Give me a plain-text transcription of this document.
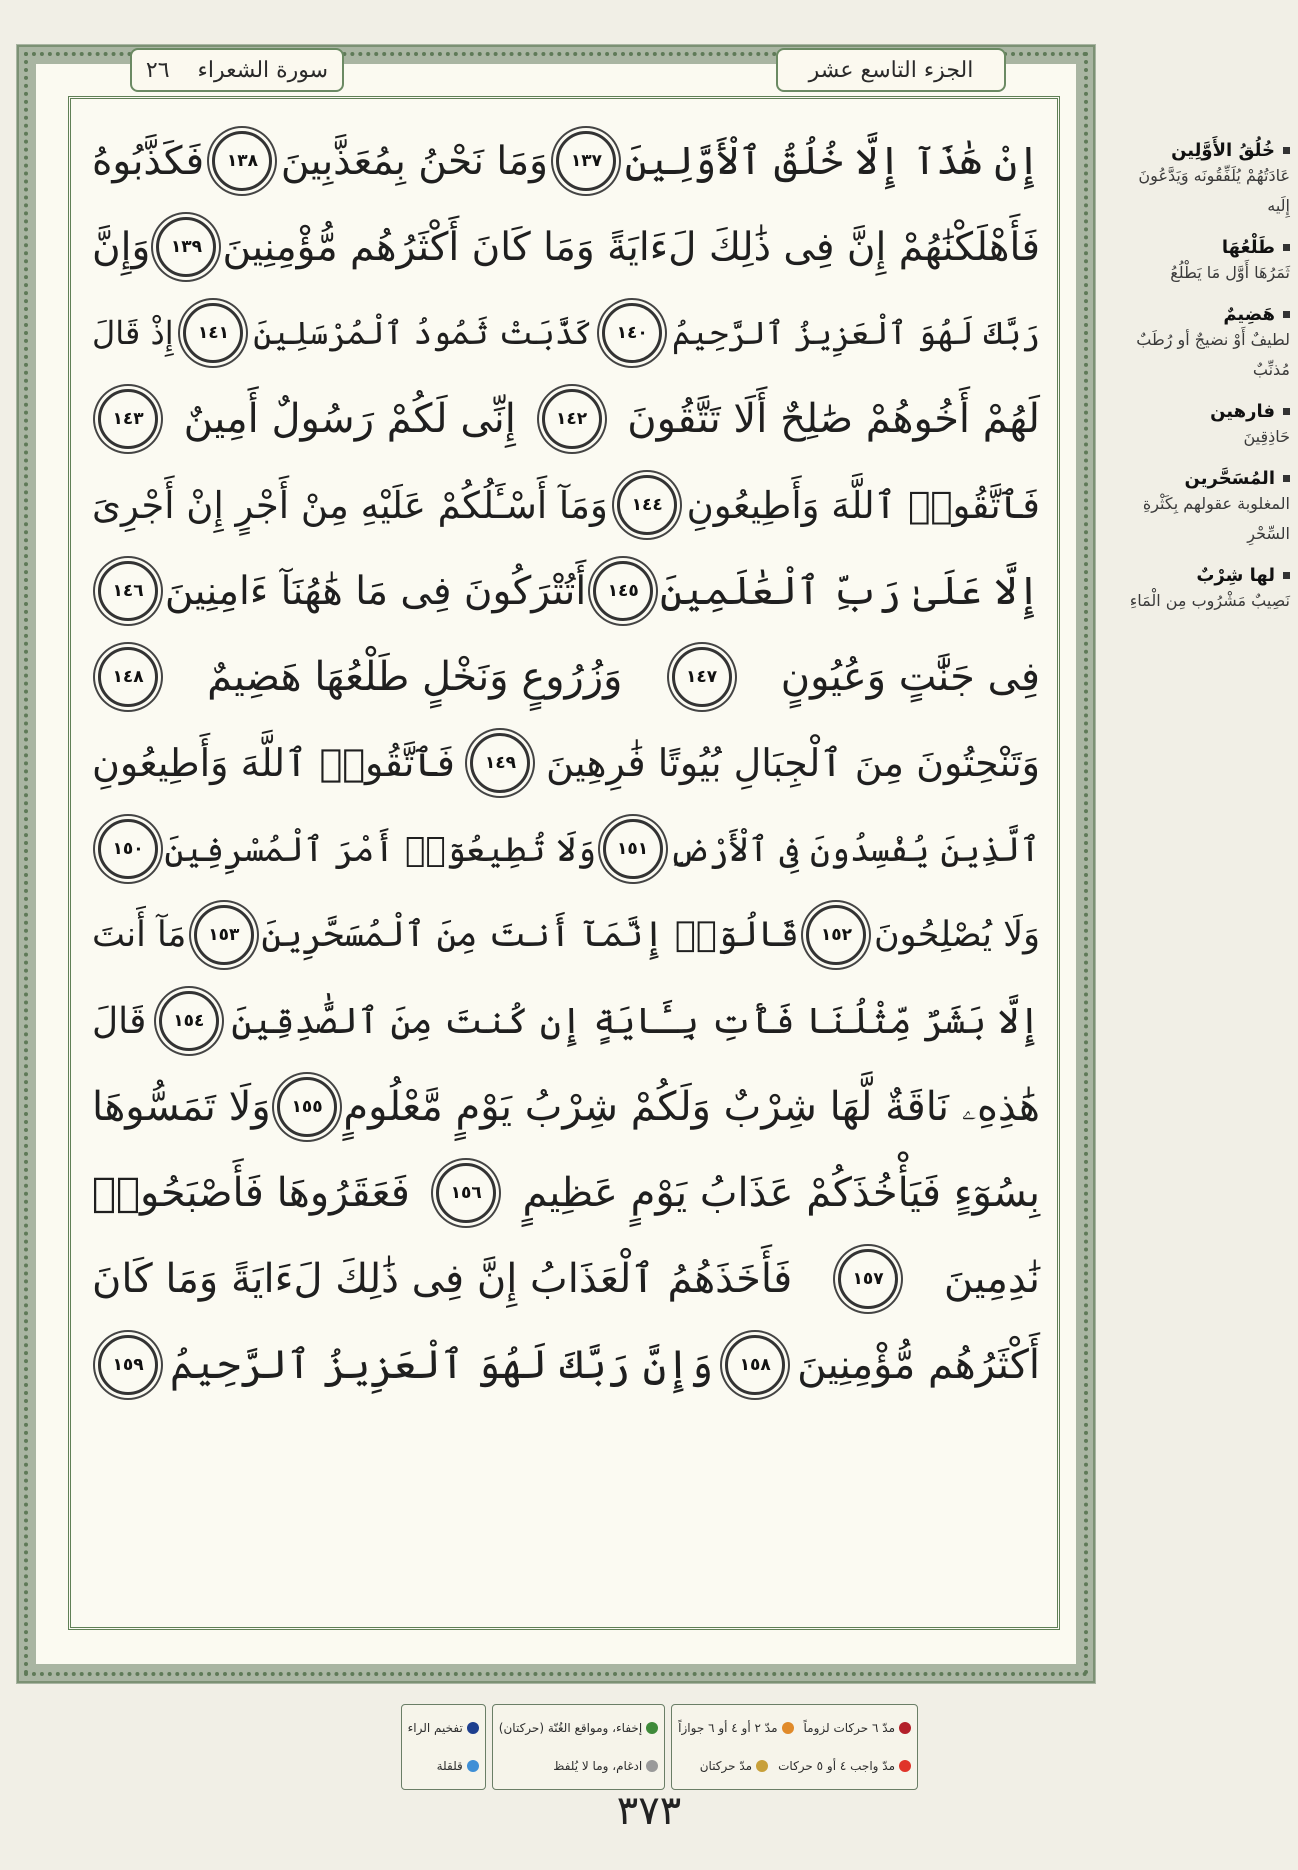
٢٦ سورة الشعراء	الجزء التاسع عشر
إِنْ هَٰذَآ إِلَّا خُلُقُ ٱلْأَوَّلِينَ
١٣٧
وَمَا نَحْنُ بِمُعَذَّبِينَ
١٣٨
فَكَذَّبُوهُ
فَأَهْلَكْنَٰهُمْ إِنَّ فِى ذَٰلِكَ لَءَايَةً وَمَا كَانَ أَكْثَرُهُم مُّؤْمِنِينَ
١٣٩
وَإِنَّ
رَبَّكَ لَهُوَ ٱلْعَزِيزُ ٱلرَّحِيمُ
١٤٠
كَذَّبَتْ ثَمُودُ ٱلْمُرْسَلِينَ
١٤١
إِذْ قَالَ
لَهُمْ أَخُوهُمْ صَٰلِحٌ أَلَا تَتَّقُونَ
١٤٢
إِنِّى لَكُمْ رَسُولٌ أَمِينٌ
١٤٣
فَٱتَّقُوا۟ ٱللَّهَ وَأَطِيعُونِ
١٤٤
وَمَآ أَسْـَٔلُكُمْ عَلَيْهِ مِنْ أَجْرٍ إِنْ أَجْرِىَ
إِلَّا عَلَىٰ رَبِّ ٱلْعَٰلَمِينَ
١٤٥
أَتُتْرَكُونَ فِى مَا هَٰهُنَآ ءَامِنِينَ
١٤٦
فِى جَنَّٰتٍ وَعُيُونٍ
١٤٧
وَزُرُوعٍ وَنَخْلٍ طَلْعُهَا هَضِيمٌ
١٤٨
وَتَنْحِتُونَ مِنَ ٱلْجِبَالِ بُيُوتًا فَٰرِهِينَ
١٤٩
فَٱتَّقُوا۟ ٱللَّهَ وَأَطِيعُونِ
ٱلَّذِينَ يُفْسِدُونَ فِى ٱلْأَرْضِ
١٥١
وَلَا تُطِيعُوٓا۟ أَمْرَ ٱلْمُسْرِفِينَ
١٥٠
وَلَا يُصْلِحُونَ
١٥٢
قَالُوٓا۟ إِنَّمَآ أَنتَ مِنَ ٱلْمُسَحَّرِينَ
١٥٣
مَآ أَنتَ
إِلَّا بَشَرٌ مِّثْلُنَا فَأْتِ بِـَٔايَةٍ إِن كُنتَ مِنَ ٱلصَّٰدِقِينَ
١٥٤
قَالَ
هَٰذِهِۦ نَاقَةٌ لَّهَا شِرْبٌ وَلَكُمْ شِرْبُ يَوْمٍ مَّعْلُومٍ
١٥٥
وَلَا تَمَسُّوهَا
بِسُوٓءٍ فَيَأْخُذَكُمْ عَذَابُ يَوْمٍ عَظِيمٍ
١٥٦
فَعَقَرُوهَا فَأَصْبَحُوا۟
نَٰدِمِينَ
١٥٧
فَأَخَذَهُمُ ٱلْعَذَابُ إِنَّ فِى ذَٰلِكَ لَءَايَةً وَمَا كَانَ
أَكْثَرُهُم مُّؤْمِنِينَ
١٥٨
وَإِنَّ رَبَّكَ لَهُوَ ٱلْعَزِيزُ ٱلرَّحِيمُ
١٥٩
خُلُقُ الأَوَّلِين
عَادَتُهُمْ يُلَفِّقُونَه وَيَدَّعُونَ إِلَيه
طَلْعُهَا
ثَمَرُهَا أَوَّل مَا يَطْلُعُ
هَضِيمٌ
لطيفٌ أَوْ نضيجٌ أو رُطَبٌ مُذنِّبٌ
فارهين
حَاذِقِينَ
المُسَحَّرين
المغلوبة عقولهم بِكَثْرةِ السِّحْرِ
لها شِرْبٌ
نَصِيبٌ مَشْرُوب مِن الْمَاءِ
مدّ ٦ حركات لزوماً
مدّ ٢ أو ٤ أو ٦ جوازاً
مدّ واجب ٤ أو ٥ حركات
مدّ حركتان
إخفاء، ومواقع الغُنّة (حركتان)
ادغام، وما لا يُلفظ
تفخيم الراء
قلقلة
٣٧٣
